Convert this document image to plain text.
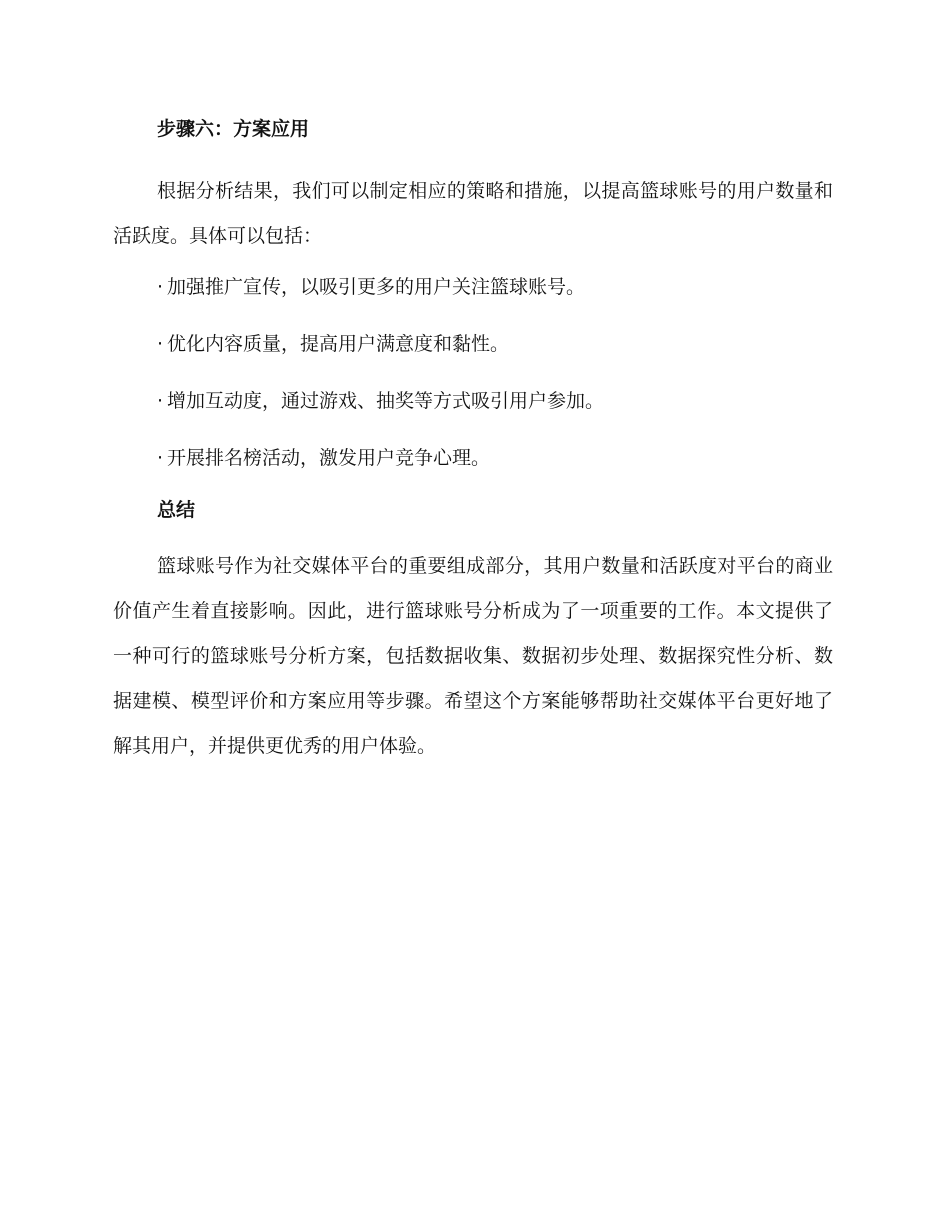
步骤六：方案应用
根据分析结果，我们可以制定相应的策略和措施，以提高篮球账号的用户数量和活跃度。具体可以包括：
· 加强推广宣传，以吸引更多的用户关注篮球账号。
· 优化内容质量，提高用户满意度和黏性。
· 增加互动度，通过游戏、抽奖等方式吸引用户参加。
· 开展排名榜活动，激发用户竞争心理。
总结
篮球账号作为社交媒体平台的重要组成部分，其用户数量和活跃度对平台的商业价值产生着直接影响。因此，进行篮球账号分析成为了一项重要的工作。本文提供了一种可行的篮球账号分析方案，包括数据收集、数据初步处理、数据探究性分析、数据建模、模型评价和方案应用等步骤。希望这个方案能够帮助社交媒体平台更好地了解其用户，并提供更优秀的用户体验。
